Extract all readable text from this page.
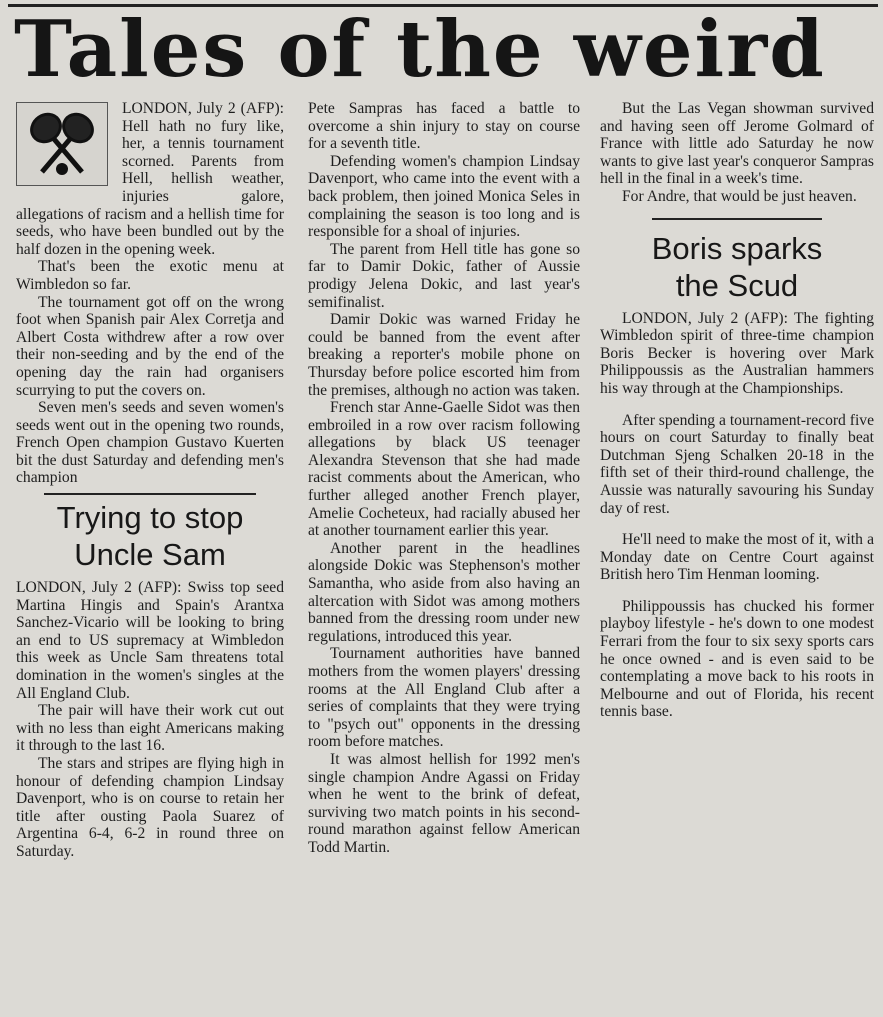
Tales of the weird

LONDON, July 2 (AFP): Hell hath no fury like, her, a tennis tournament scorned. Parents from Hell, hellish weather, injuries galore, allegations of racism and a hellish time for seeds, who have been bundled out by the half dozen in the opening week.

That's been the exotic menu at Wimbledon so far.

The tournament got off on the wrong foot when Spanish pair Alex Corretja and Albert Costa withdrew after a row over their non-seeding and by the end of the opening day the rain had organisers scurrying to put the covers on.

Seven men's seeds and seven women's seeds went out in the opening two rounds, French Open champion Gustavo Kuerten bit the dust Saturday and defending men's champion

Trying to stop
Uncle Sam

LONDON, July 2 (AFP): Swiss top seed Martina Hingis and Spain's Arantxa Sanchez-Vicario will be looking to bring an end to US supremacy at Wimbledon this week as Uncle Sam threatens total domination in the women's singles at the All England Club.

The pair will have their work cut out with no less than eight Americans making it through to the last 16.

The stars and stripes are flying high in honour of defending champion Lindsay Davenport, who is on course to retain her title after ousting Paola Suarez of Argentina 6-4, 6-2 in round three on Saturday.

Pete Sampras has faced a battle to overcome a shin injury to stay on course for a seventh title.

Defending women's champion Lindsay Davenport, who came into the event with a back problem, then joined Monica Seles in complaining the season is too long and is responsible for a shoal of injuries.

The parent from Hell title has gone so far to Damir Dokic, father of Aussie prodigy Jelena Dokic, and last year's semifinalist.

Damir Dokic was warned Friday he could be banned from the event after breaking a reporter's mobile phone on Thursday before police escorted him from the premises, although no action was taken.

French star Anne-Gaelle Sidot was then embroiled in a row over racism following allegations by black US teenager Alexandra Stevenson that she had made racist comments about the American, who further alleged another French player, Amelie Cocheteux, had racially abused her at another tournament earlier this year.

Another parent in the headlines alongside Dokic was Stephenson's mother Samantha, who aside from also having an altercation with Sidot was among mothers banned from the dressing room under new regulations, introduced this year.

Tournament authorities have banned mothers from the women players' dressing rooms at the All England Club after a series of complaints that they were trying to "psych out" opponents in the dressing room before matches.

It was almost hellish for 1992 men's single champion Andre Agassi on Friday when he went to the brink of defeat, surviving two match points in his second-round marathon against fellow American Todd Martin.

But the Las Vegan showman survived and having seen off Jerome Golmard of France with little ado Saturday he now wants to give last year's conqueror Sampras hell in the final in a week's time.

For Andre, that would be just heaven.

Boris sparks
the Scud

LONDON, July 2 (AFP): The fighting Wimbledon spirit of three-time champion Boris Becker is hovering over Mark Philippoussis as the Australian hammers his way through at the Championships.

After spending a tournament-record five hours on court Saturday to finally beat Dutchman Sjeng Schalken 20-18 in the fifth set of their third-round challenge, the Aussie was naturally savouring his Sunday day of rest.

He'll need to make the most of it, with a Monday date on Centre Court against British hero Tim Henman looming.

Philippoussis has chucked his former playboy lifestyle - he's down to one modest Ferrari from the four to six sexy sports cars he once owned - and is even said to be contemplating a move back to his roots in Melbourne and out of Florida, his recent tennis base.
